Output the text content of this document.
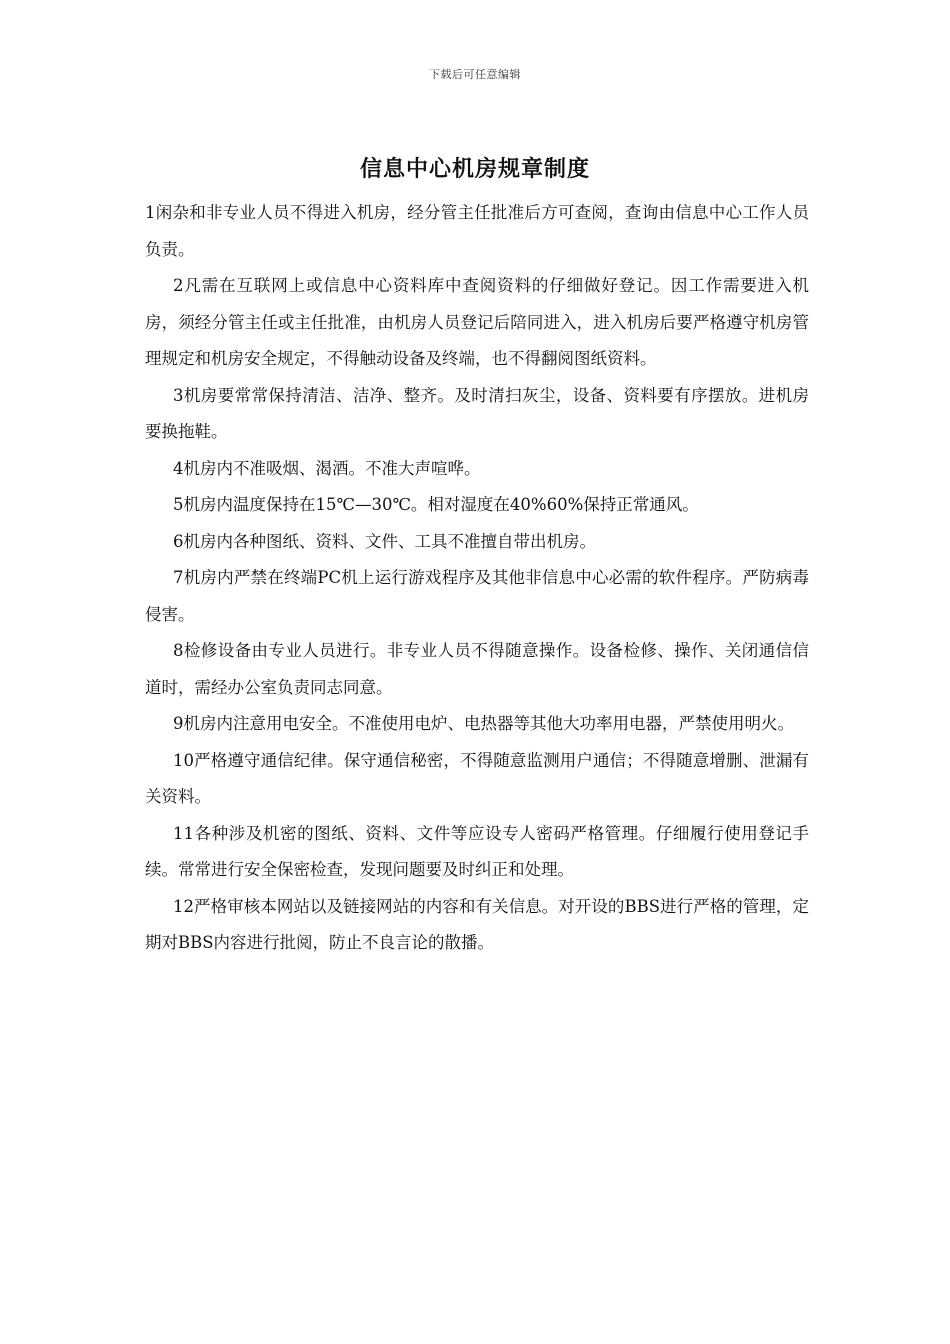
下载后可任意编辑
信息中心机房规章制度

1闲杂和非专业人员不得进入机房，经分管主任批准后方可查阅，查询由信息中心工作人员负责。

2凡需在互联网上或信息中心资料库中查阅资料的仔细做好登记。因工作需要进入机房，须经分管主任或主任批准，由机房人员登记后陪同进入，进入机房后要严格遵守机房管理规定和机房安全规定，不得触动设备及终端，也不得翻阅图纸资料。

3机房要常常保持清洁、洁净、整齐。及时清扫灰尘，设备、资料要有序摆放。进机房要换拖鞋。

4机房内不准吸烟、渴酒。不准大声喧哗。

5机房内温度保持在15℃—30℃。相对湿度在40%60%保持正常通风。

6机房内各种图纸、资料、文件、工具不准擅自带出机房。

7机房内严禁在终端PC机上运行游戏程序及其他非信息中心必需的软件程序。严防病毒侵害。

8检修设备由专业人员进行。非专业人员不得随意操作。设备检修、操作、关闭通信信道时，需经办公室负责同志同意。

9机房内注意用电安全。不准使用电炉、电热器等其他大功率用电器，严禁使用明火。

10严格遵守通信纪律。保守通信秘密，不得随意监测用户通信；不得随意增删、泄漏有关资料。

11各种涉及机密的图纸、资料、文件等应设专人密码严格管理。仔细履行使用登记手续。常常进行安全保密检查，发现问题要及时纠正和处理。

12严格审核本网站以及链接网站的内容和有关信息。对开设的BBS进行严格的管理，定期对BBS内容进行批阅，防止不良言论的散播。
